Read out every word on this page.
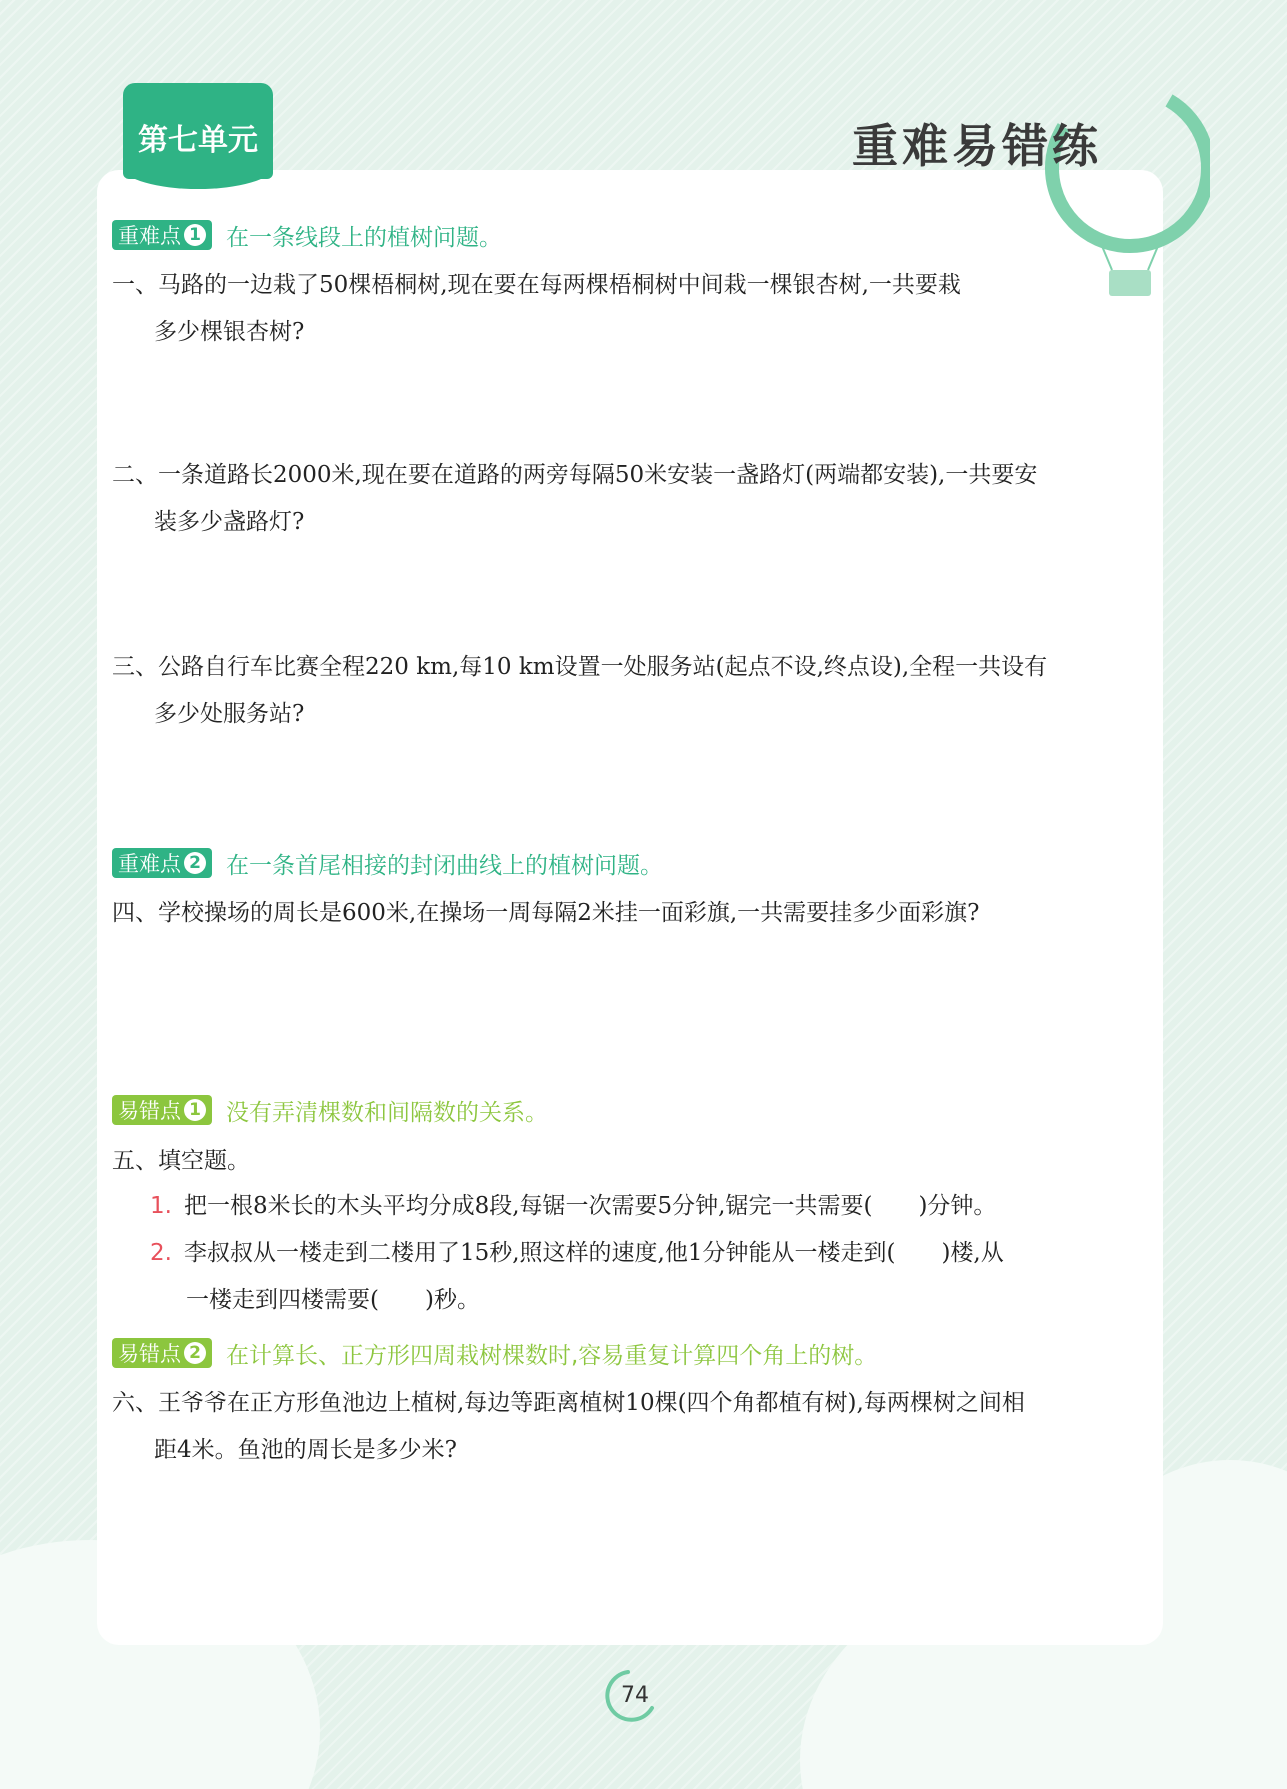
第七单元	重难易错练
重难点 1 在一条线段上的植树问题。
一、马路的一边栽了50棵梧桐树,现在要在每两棵梧桐树中间栽一棵银杏树,一共要栽
多少棵银杏树?
二、一条道路长2000米,现在要在道路的两旁每隔50米安装一盏路灯(两端都安装),一共要安
装多少盏路灯?
三、公路自行车比赛全程220 km,每10 km设置一处服务站(起点不设,终点设),全程一共设有
多少处服务站?
重难点 2 在一条首尾相接的封闭曲线上的植树问题。
四、学校操场的周长是600米,在操场一周每隔2米挂一面彩旗,一共需要挂多少面彩旗?
易错点 1 没有弄清棵数和间隔数的关系。
五、填空题。
1. 把一根8米长的木头平均分成8段,每锯一次需要5分钟,锯完一共需要(　　)分钟。
2. 李叔叔从一楼走到二楼用了15秒,照这样的速度,他1分钟能从一楼走到(　　)楼,从
一楼走到四楼需要(　　)秒。
易错点 2 在计算长、正方形四周栽树棵数时,容易重复计算四个角上的树。
六、王爷爷在正方形鱼池边上植树,每边等距离植树10棵(四个角都植有树),每两棵树之间相
距4米。鱼池的周长是多少米?
74
